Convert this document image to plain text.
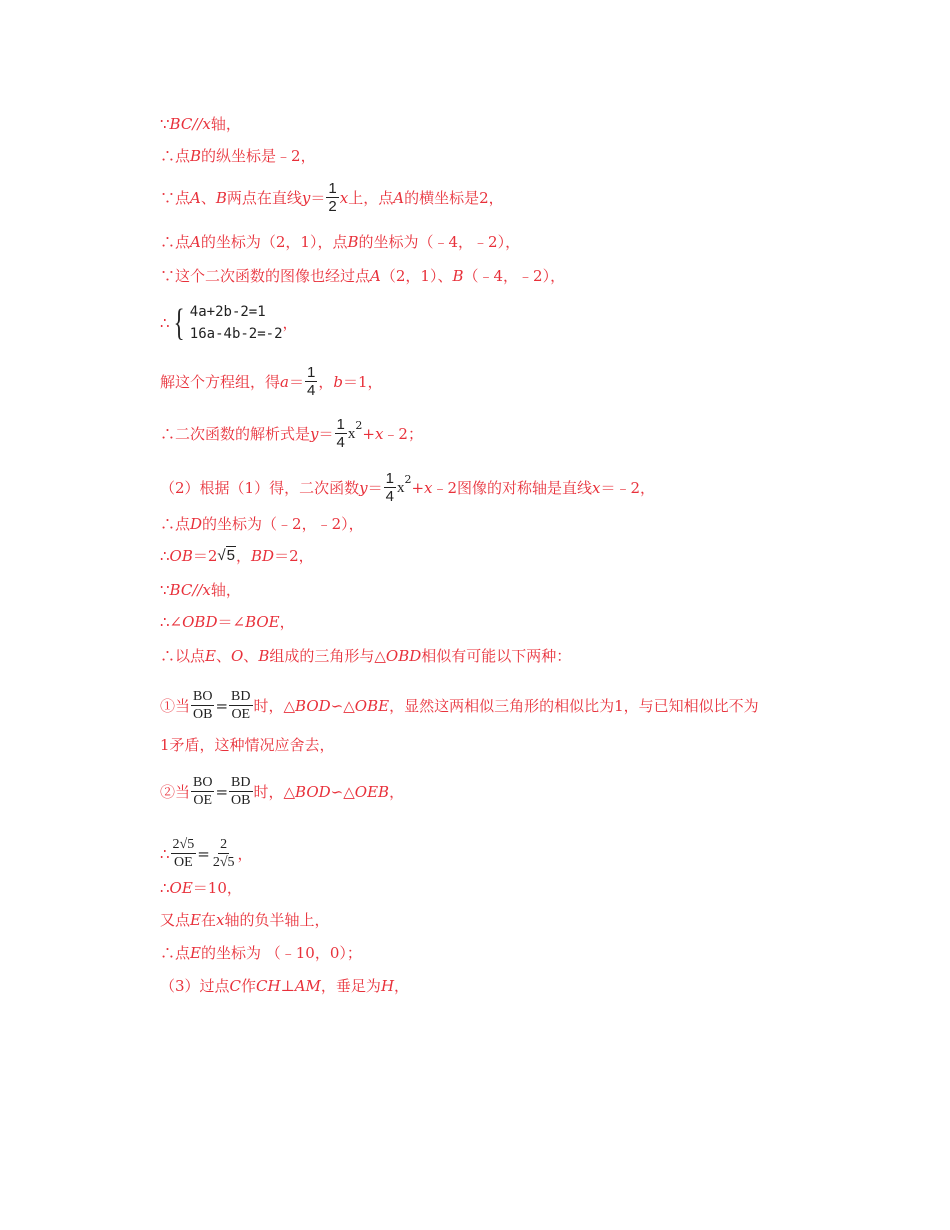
∵ BC//x 轴，
∴点 B 的纵坐标是﹣2，
∵点 A 、 B 两点在直线 $y = \frac{1}{2}$ x 上，点 A 的横坐标是2，
∴点 A 的坐标为（2，1），点 B 的坐标为（﹣4，﹣2），
∵这个二次函数的图像也经过点 A （2，1）、 B （﹣4，﹣2），
∴ { 4a+2b-2=1
16a-4b-2=-2
，
解这个方程组，得 $a = \frac{1}{4}$ ， b ＝1，
∴二次函数的解析式是 $y = \frac{1}{4}$ x
2 + x ﹣2；
（2）根据（1）得，二次函数 $y = \frac{1}{4}$ x
2 + x ﹣2图像的对称轴是直线 x ＝﹣2，
∴点 D 的坐标为（﹣2，﹣2），
∴ OB ＝2 √5 ， BD ＝2，
∵ BC//x 轴，
∴∠ OBD ＝∠ BOE ，
∴以点 E 、 O 、 B 组成的三角形与△ OBD 相似有可能以下两种：
①当 $\frac{BO}{OB} = \frac{BD}{OE}$ 时，△ BOD ∽△ OBE ，显然这两相似三角形的相似比为1，与已知相似比不为
1矛盾，这种情况应舍去，
②当 $\frac{BO}{OE} = \frac{BD}{OB}$ 时，△ BOD ∽△ OEB ，
∴ $\frac{2√5}{OE} = \frac{2}{2√5}$ ，
∴ OE ＝10，
又点 E 在 x 轴的负半轴上，
∴点 E 的坐标为 （﹣10，0）；
（3）过点 C 作 CH ⊥ AM ，垂足为 H ，
